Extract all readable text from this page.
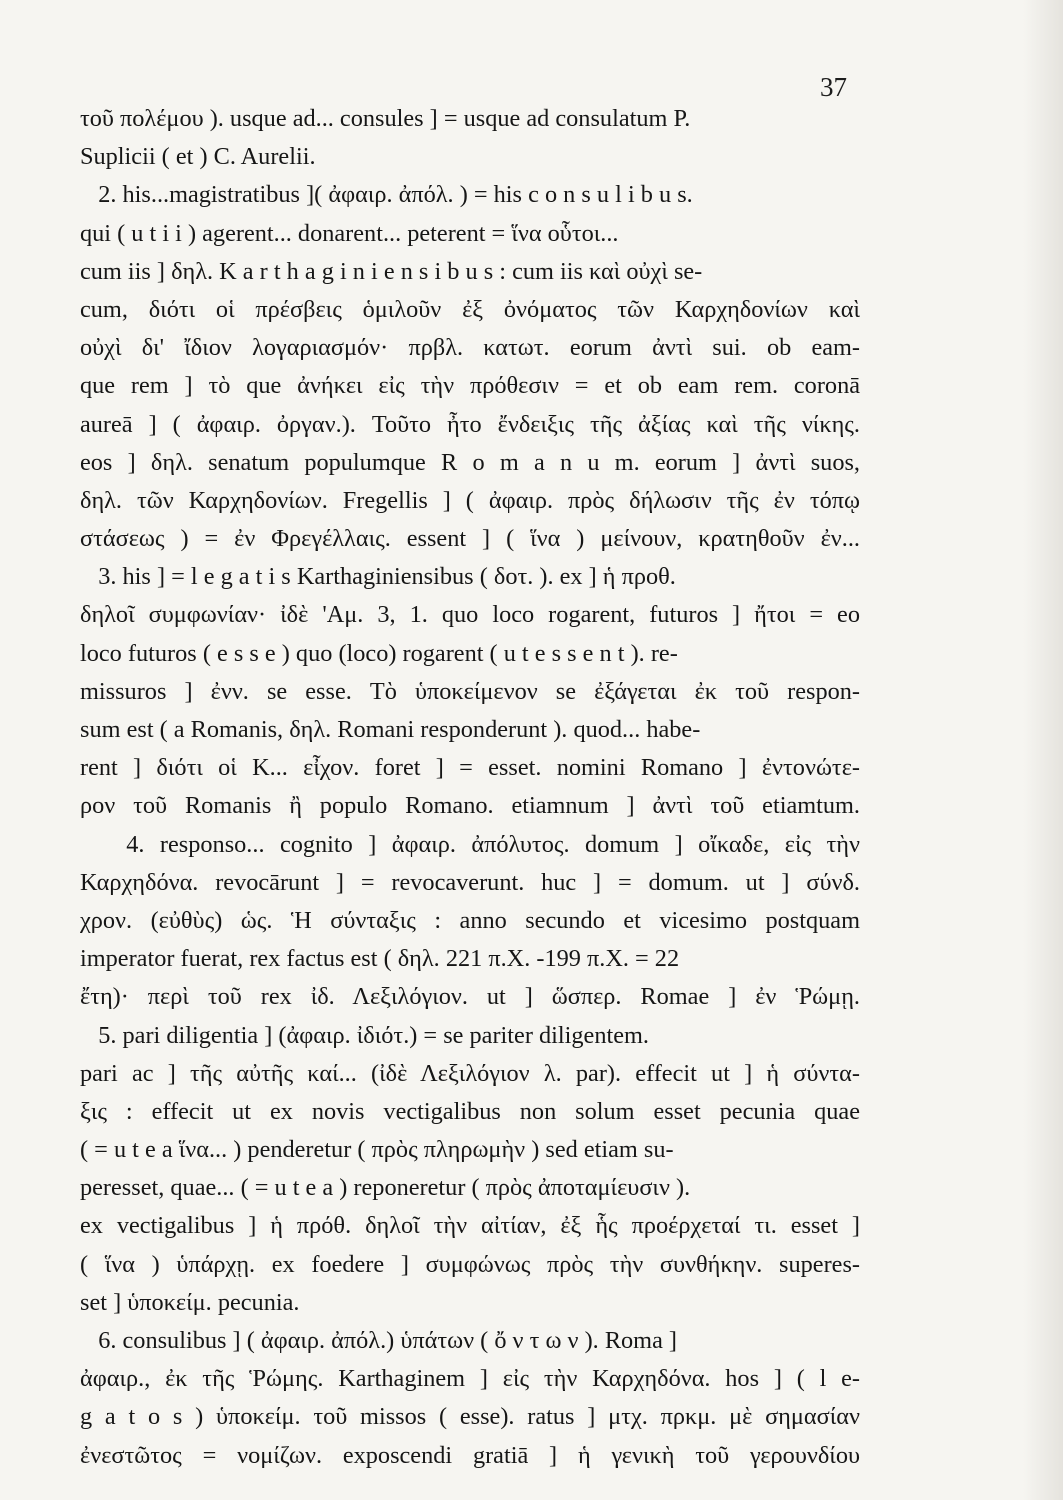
37
τοῦ πολέμου ). usque ad... consules ] = usque ad consulatum P.
Suplicii ( et ) C. Aurelii.
2. his...magistratibus ]( ἀφαιρ. ἀπόλ. ) = his c o n s u l i b u s.
qui ( u t i i ) agerent... donarent... peterent = ἵνα οὗτοι...
cum iis ] δηλ. K a r t h a g i n i e n s i b u s : cum iis καὶ οὐχὶ se-
cum, διότι οἱ πρέσβεις ὁμιλοῦν ἐξ ὀνόματος τῶν Καρχηδονίων καὶ
οὐχὶ δι' ἴδιον λογαριασμόν· πρβλ. κατωτ. eorum ἀντὶ sui. ob eam-
que rem ] τὸ que ἀνήκει εἰς τὴν πρόθεσιν = et ob eam rem. coronā
aureā ] ( ἀφαιρ. ὀργαν.). Τοῦτο ἦτο ἔνδειξις τῆς ἀξίας καὶ τῆς νίκης.
eos ] δηλ. senatum populumque R o m a n u m. eorum ] ἀντὶ suos,
δηλ. τῶν Καρχηδονίων. Fregellis ] ( ἀφαιρ. πρὸς δήλωσιν τῆς ἐν τόπῳ
στάσεως ) = ἐν Φρεγέλλαις. essent ] ( ἵνα ) μείνουν, κρατηθοῦν ἐν...
3. his ] = l e g a t i s Karthaginiensibus ( δοτ. ). ex ] ἡ προθ.
δηλοῖ συμφωνίαν· ἰδὲ 'Αμ. 3, 1. quo loco rogarent, futuros ] ἤτοι = eo
loco futuros ( e s s e ) quo (loco) rogarent ( u t e s s e n t ). re-
missuros ] ἐνν. se esse. Τὸ ὑποκείμενον se ἐξάγεται ἐκ τοῦ respon-
sum est ( a Romanis, δηλ. Romani responderunt ). quod... habe-
rent ] διότι οἱ K... εἶχον. foret ] = esset. nomini Romano ] ἐντονώτε-
ρον τοῦ Romanis ἢ populo Romano. etiamnum ] ἀντὶ τοῦ etiamtum.
4. responso... cognito ] ἀφαιρ. ἀπόλυτος. domum ] οἴκαδε, εἰς τὴν
Καρχηδόνα. revocārunt ] = revocaverunt. huc ] = domum. ut ] σύνδ.
χρον. (εὐθὺς) ὡς. Ἡ σύνταξις : anno secundo et vicesimo postquam
imperator fuerat, rex factus est ( δηλ. 221 π.Χ. -199 π.Χ. = 22
ἔτη)· περὶ τοῦ rex ἰδ. Λεξιλόγιον. ut ] ὥσπερ. Romae ] ἐν Ῥώμῃ.
5. pari diligentia ] (ἀφαιρ. ἰδιότ.) = se pariter diligentem.
pari ac ] τῆς αὐτῆς καί... (ἰδὲ Λεξιλόγιον λ. par). effecit ut ] ἡ σύντα-
ξις : effecit ut ex novis vectigalibus non solum esset pecunia quae
( = u t e a ἵνα... ) penderetur ( πρὸς πληρωμὴν ) sed etiam su-
peresset, quae... ( = u t e a ) reponeretur ( πρὸς ἀποταμίευσιν ).
ex vectigalibus ] ἡ πρόθ. δηλοῖ τὴν αἰτίαν, ἐξ ἧς προέρχεταί τι. esset ]
( ἵνα ) ὑπάρχῃ. ex foedere ] συμφώνως πρὸς τὴν συνθήκην. superes-
set ] ὑποκείμ. pecunia.
6. consulibus ] ( ἀφαιρ. ἀπόλ.) ὑπάτων ( ὄ ν τ ω ν ). Roma ]
ἀφαιρ., ἐκ τῆς Ῥώμης. Karthaginem ] εἰς τὴν Καρχηδόνα. hos ] ( l e-
g a t o s ) ὑποκείμ. τοῦ missos ( esse). ratus ] μτχ. πρκμ. μὲ σημασίαν
ἐνεστῶτος = νομίζων. exposcendi gratiā ] ἡ γενικὴ τοῦ γερουνδίου
